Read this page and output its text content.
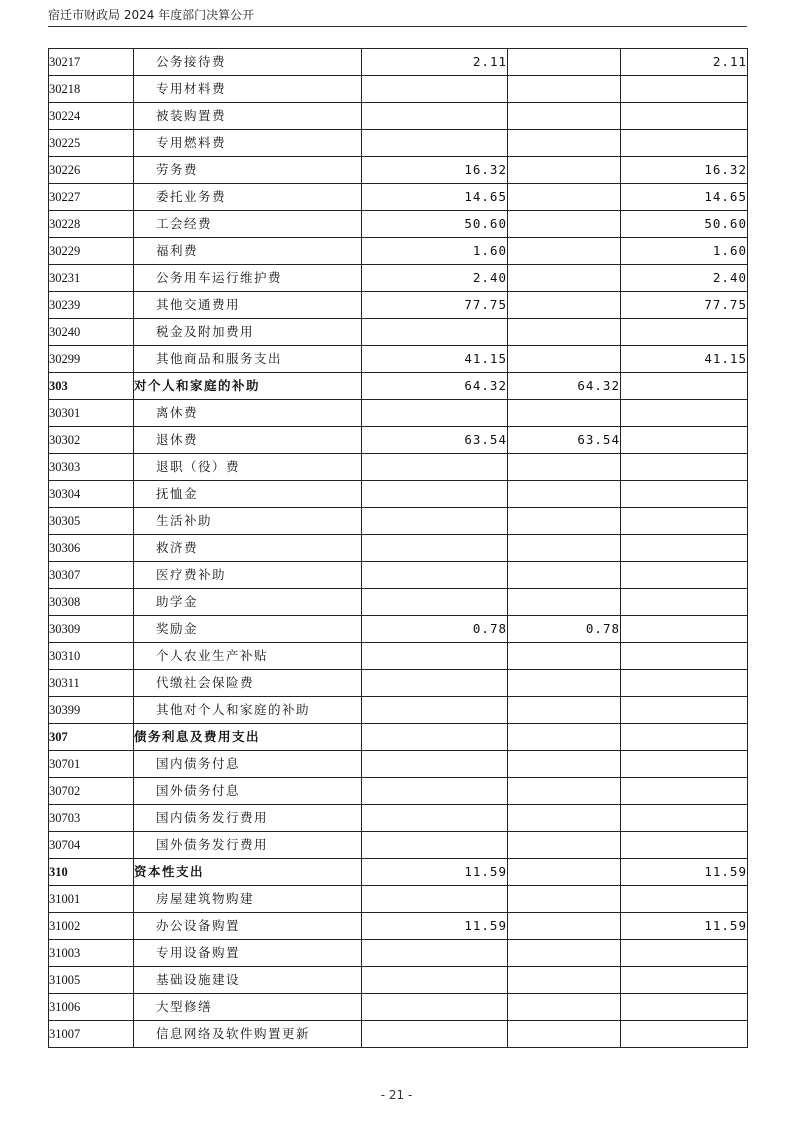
宿迁市财政局 2024 年度部门决算公开
30217	公务接待费	2.11		2.11
30218	专用材料费			
30224	被装购置费			
30225	专用燃料费			
30226	劳务费	16.32		16.32
30227	委托业务费	14.65		14.65
30228	工会经费	50.60		50.60
30229	福利费	1.60		1.60
30231	公务用车运行维护费	2.40		2.40
30239	其他交通费用	77.75		77.75
30240	税金及附加费用			
30299	其他商品和服务支出	41.15		41.15
303	对个人和家庭的补助	64.32	64.32	
30301	离休费			
30302	退休费	63.54	63.54	
30303	退职（役）费			
30304	抚恤金			
30305	生活补助			
30306	救济费			
30307	医疗费补助			
30308	助学金			
30309	奖励金	0.78	0.78	
30310	个人农业生产补贴			
30311	代缴社会保险费			
30399	其他对个人和家庭的补助			
307	债务利息及费用支出			
30701	国内债务付息			
30702	国外债务付息			
30703	国内债务发行费用			
30704	国外债务发行费用			
310	资本性支出	11.59		11.59
31001	房屋建筑物购建			
31002	办公设备购置	11.59		11.59
31003	专用设备购置			
31005	基础设施建设			
31006	大型修缮			
31007	信息网络及软件购置更新			
- 21 -
